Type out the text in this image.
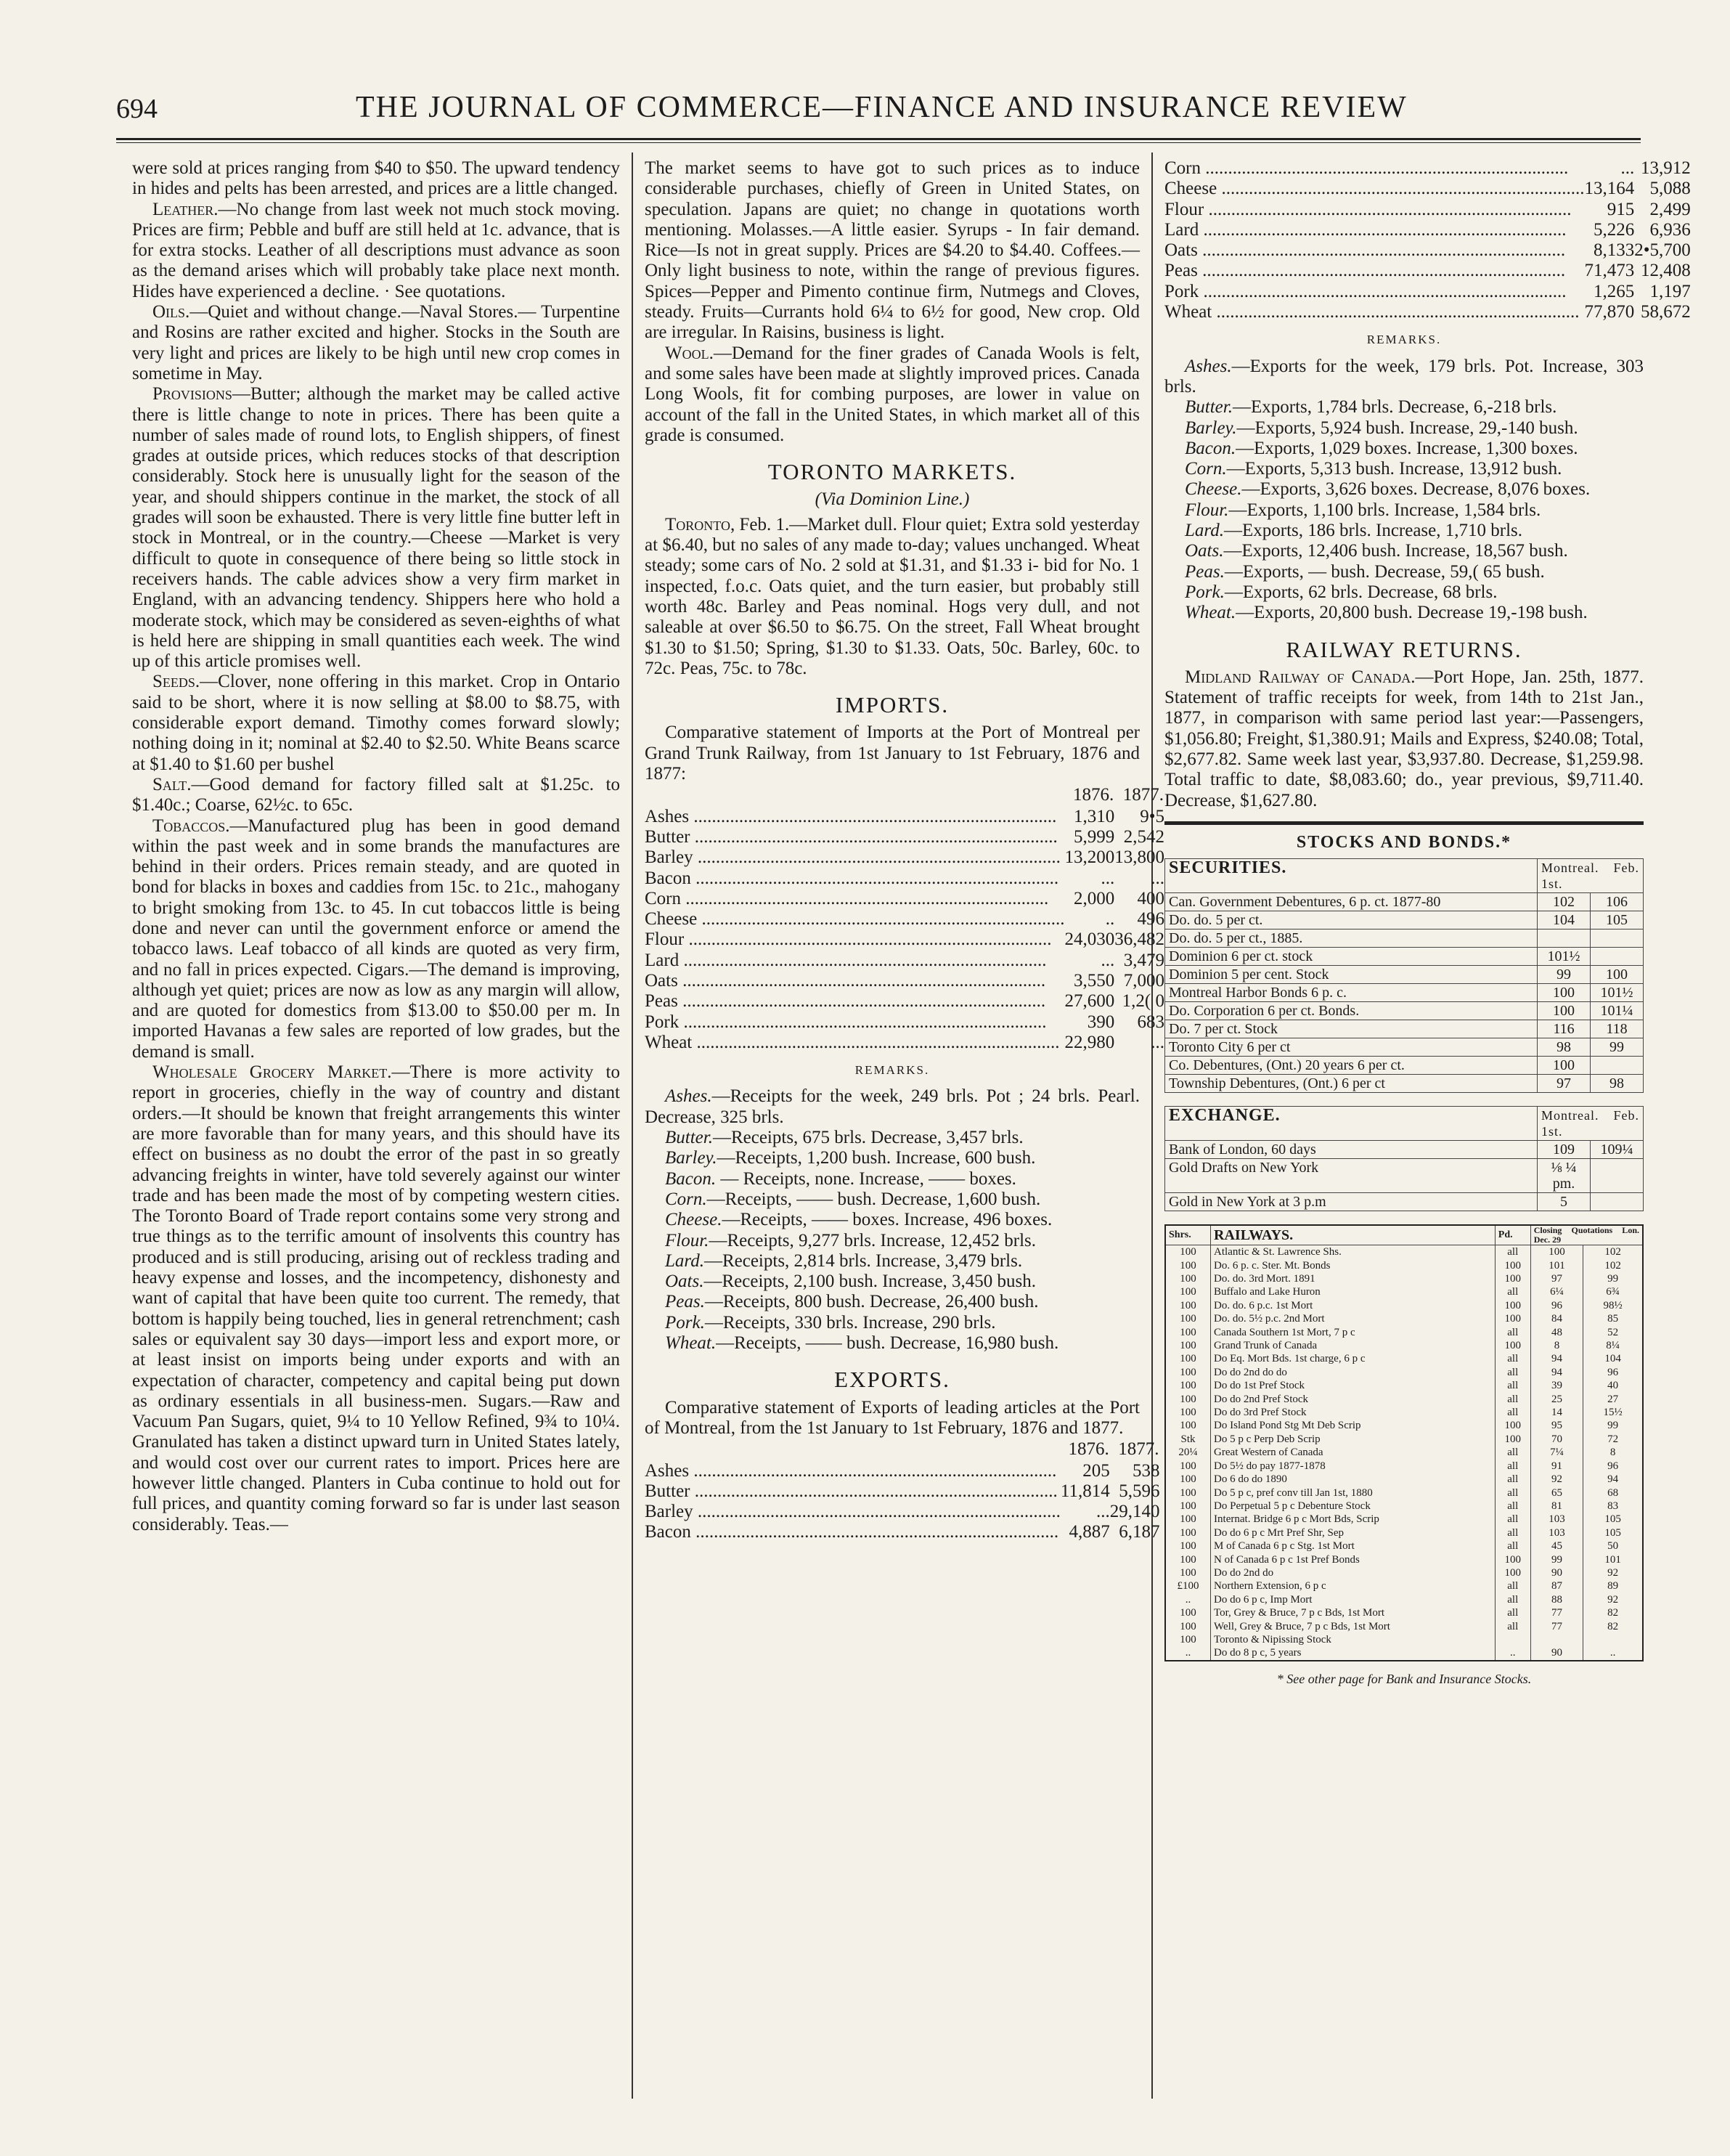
694	THE JOURNAL OF COMMERCE—FINANCE AND INSURANCE REVIEW

were sold at prices ranging from $40 to $50. The upward tendency in hides and pelts has been arrested, and prices are a little changed.

Leather.—No change from last week not much stock moving. Prices are firm; Pebble and buff are still held at 1c. advance, that is for extra stocks. Leather of all descriptions must advance as soon as the demand arises which will probably take place next month. Hides have experienced a decline. · See quotations.

Oils.—Quiet and without change.—Naval Stores.— Turpentine and Rosins are rather excited and higher. Stocks in the South are very light and prices are likely to be high until new crop comes in sometime in May.

Provisions—Butter; although the market may be called active there is little change to note in prices. There has been quite a number of sales made of round lots, to English shippers, of finest grades at outside prices, which reduces stocks of that description considerably. Stock here is unusually light for the season of the year, and should shippers continue in the market, the stock of all grades will soon be exhausted. There is very little fine butter left in stock in Montreal, or in the country.—Cheese —Market is very difficult to quote in consequence of there being so little stock in receivers hands. The cable advices show a very firm market in England, with an advancing tendency. Shippers here who hold a moderate stock, which may be considered as seven-eighths of what is held here are shipping in small quantities each week. The wind up of this article promises well.

Seeds.—Clover, none offering in this market. Crop in Ontario said to be short, where it is now selling at $8.00 to $8.75, with considerable export demand. Timothy comes forward slowly; nothing doing in it; nominal at $2.40 to $2.50. White Beans scarce at $1.40 to $1.60 per bushel

Salt.—Good demand for factory filled salt at $1.25c. to $1.40c.; Coarse, 62½c. to 65c.

Tobaccos.—Manufactured plug has been in good demand within the past week and in some brands the manufactures are behind in their orders. Prices remain steady, and are quoted in bond for blacks in boxes and caddies from 15c. to 21c., mahogany to bright smoking from 13c. to 45. In cut tobaccos little is being done and never can until the government enforce or amend the tobacco laws. Leaf tobacco of all kinds are quoted as very firm, and no fall in prices expected. Cigars.—The demand is improving, although yet quiet; prices are now as low as any margin will allow, and are quoted for domestics from $13.00 to $50.00 per m. In imported Havanas a few sales are reported of low grades, but the demand is small.

Wholesale Grocery Market.—There is more activity to report in groceries, chiefly in the way of country and distant orders.—It should be known that freight arrangements this winter are more favorable than for many years, and this should have its effect on business as no doubt the error of the past in so greatly advancing freights in winter, have told severely against our winter trade and has been made the most of by competing western cities. The Toronto Board of Trade report contains some very strong and true things as to the terrific amount of insolvents this country has produced and is still producing, arising out of reckless trading and heavy expense and losses, and the incompetency, dishonesty and want of capital that have been quite too current. The remedy, that bottom is happily being touched, lies in general retrenchment; cash sales or equivalent say 30 days—import less and export more, or at least insist on imports being under exports and with an expectation of character, competency and capital being put down as ordinary essentials in all business-men. Sugars.—Raw and Vacuum Pan Sugars, quiet, 9¼ to 10 Yellow Refined, 9¾ to 10¼. Granulated has taken a distinct upward turn in United States lately, and would cost over our current rates to import. Prices here are however little changed. Planters in Cuba continue to hold out for full prices, and quantity coming forward so far is under last season considerably. Teas.—

The market seems to have got to such prices as to induce considerable purchases, chiefly of Green in United States, on speculation. Japans are quiet; no change in quotations worth mentioning. Molasses.—A little easier. Syrups - In fair demand. Rice—Is not in great supply. Prices are $4.20 to $4.40. Coffees.— Only light business to note, within the range of previous figures. Spices—Pepper and Pimento continue firm, Nutmegs and Cloves, steady. Fruits—Currants hold 6¼ to 6½ for good, New crop. Old are irregular. In Raisins, business is light.

Wool.—Demand for the finer grades of Canada Wools is felt, and some sales have been made at slightly improved prices. Canada Long Wools, fit for combing purposes, are lower in value on account of the fall in the United States, in which market all of this grade is consumed.

TORONTO MARKETS.
(Via Dominion Line.)

Toronto, Feb. 1.—Market dull. Flour quiet; Extra sold yesterday at $6.40, but no sales of any made to-day; values unchanged. Wheat steady; some cars of No. 2 sold at $1.31, and $1.33 i- bid for No. 1 inspected, f.o.c. Oats quiet, and the turn easier, but probably still worth 48c. Barley and Peas nominal. Hogs very dull, and not saleable at over $6.50 to $6.75. On the street, Fall Wheat brought $1.30 to $1.50; Spring, $1.30 to $1.33. Oats, 50c. Barley, 60c. to 72c. Peas, 75c. to 78c.

IMPORTS.

Comparative statement of Imports at the Port of Montreal per Grand Trunk Railway, from 1st January to 1st February, 1876 and 1877:

	1876.	1877.
Ashes .....	1,310	9•5
Butter .....	5,999	2,542
Barley .....	13,200	13,800
Bacon .....	...	...
Corn .....	2,000	400
Cheese .....	..	496
Flour .....	24,030	36,482
Lard .....	...	3,479
Oats .....	3,550	7,000
Peas .....	27,600	1,2( 0
Pork .....	390	683
Wheat .....	22,980	...
REMARKS.

Ashes.—Receipts for the week, 249 brls. Pot ; 24 brls. Pearl. Decrease, 325 brls.

Butter.—Receipts, 675 brls. Decrease, 3,457 brls.

Barley.—Receipts, 1,200 bush. Increase, 600 bush.

Bacon. — Receipts, none. Increase, —— boxes.

Corn.—Receipts, —— bush. Decrease, 1,600 bush.

Cheese.—Receipts, —— boxes. Increase, 496 boxes.

Flour.—Receipts, 9,277 brls. Increase, 12,452 brls.

Lard.—Receipts, 2,814 brls. Increase, 3,479 brls.

Oats.—Receipts, 2,100 bush. Increase, 3,450 bush.

Peas.—Receipts, 800 bush. Decrease, 26,400 bush.

Pork.—Receipts, 330 brls. Increase, 290 brls.

Wheat.—Receipts, —— bush. Decrease, 16,980 bush.

EXPORTS.

Comparative statement of Exports of leading articles at the Port of Montreal, from the 1st January to 1st February, 1876 and 1877.

	1876.	1877.
Ashes .....	205	538
Butter .....	11,814	5,596
Barley .....	...	29,140
Bacon .....	4,887	6,187
Corn .....	...	13,912
Cheese .....	13,164	5,088
Flour .....	915	2,499
Lard .....	5,226	6,936
Oats .....	8,133	2•5,700
Peas .....	71,473	12,408
Pork .....	1,265	1,197
Wheat .....	77,870	58,672
REMARKS.

Ashes.—Exports for the week, 179 brls. Pot. Increase, 303 brls.

Butter.—Exports, 1,784 brls. Decrease, 6,-218 brls.

Barley.—Exports, 5,924 bush. Increase, 29,-140 bush.

Bacon.—Exports, 1,029 boxes. Increase, 1,300 boxes.

Corn.—Exports, 5,313 bush. Increase, 13,912 bush.

Cheese.—Exports, 3,626 boxes. Decrease, 8,076 boxes.

Flour.—Exports, 1,100 brls. Increase, 1,584 brls.

Lard.—Exports, 186 brls. Increase, 1,710 brls.

Oats.—Exports, 12,406 bush. Increase, 18,567 bush.

Peas.—Exports, — bush. Decrease, 59,( 65 bush.

Pork.—Exports, 62 brls. Decrease, 68 brls.

Wheat.—Exports, 20,800 bush. Decrease 19,-198 bush.

RAILWAY RETURNS.

Midland Railway of Canada.—Port Hope, Jan. 25th, 1877. Statement of traffic receipts for week, from 14th to 21st Jan., 1877, in comparison with same period last year:—Passengers, $1,056.80; Freight, $1,380.91; Mails and Express, $240.08; Total, $2,677.82. Same week last year, $3,937.80. Decrease, $1,259.98. Total traffic to date, $8,083.60; do., year previous, $9,711.40. Decrease, $1,627.80.

STOCKS AND BONDS.*
SECURITIES.	Montreal. Feb. 1st.	
Can. Government Debentures, 6 p. ct. 1877-80	102	106
Do. do. 5 per ct.	104	105
Do. do. 5 per ct., 1885.		
Dominion 6 per ct. stock	101½	
Dominion 5 per cent. Stock	99	100
Montreal Harbor Bonds 6 p. c.	100	101½
Do. Corporation 6 per ct. Bonds.	100	101¼
Do. 7 per ct. Stock	116	118
Toronto City 6 per ct	98	99
Co. Debentures, (Ont.) 20 years 6 per ct.	100	
Township Debentures, (Ont.) 6 per ct	97	98
EXCHANGE.	Montreal. Feb. 1st.	
Bank of London, 60 days	109	109¼
Gold Drafts on New York	⅛ ¼ pm.	
Gold in New York at 3 p.m	5	
Shrs.	RAILWAYS.	Pd.	Closing Quotations Lon. Dec. 29	
100	Atlantic & St. Lawrence Shs.	all	100	102
100	Do. 6 p. c. Ster. Mt. Bonds	100	101	102
100	Do. do. 3rd Mort. 1891	100	97	99
100	Buffalo and Lake Huron	all	6¼	6¾
100	Do. do. 6 p.c. 1st Mort	100	96	98½
100	Do. do. 5½ p.c. 2nd Mort	100	84	85
100	Canada Southern 1st Mort, 7 p c	all	48	52
100	Grand Trunk of Canada	100	8	8¼
100	Do Eq. Mort Bds. 1st charge, 6 p c	all	94	104
100	Do do 2nd do do	all	94	96
100	Do do 1st Pref Stock	all	39	40
100	Do do 2nd Pref Stock	all	25	27
100	Do do 3rd Pref Stock	all	14	15½
100	Do Island Pond Stg Mt Deb Scrip	100	95	99
Stk	Do 5 p c Perp Deb Scrip	100	70	72
20¼	Great Western of Canada	all	7¼	8
100	Do 5½ do pay 1877-1878	all	91	96
100	Do 6 do do 1890	all	92	94
100	Do 5 p c, pref conv till Jan 1st, 1880	all	65	68
100	Do Perpetual 5 p c Debenture Stock	all	81	83
100	Internat. Bridge 6 p c Mort Bds, Scrip	all	103	105
100	Do do 6 p c Mrt Pref Shr, Sep	all	103	105
100	M of Canada 6 p c Stg. 1st Mort	all	45	50
100	N of Canada 6 p c 1st Pref Bonds	100	99	101
100	Do do 2nd do	100	90	92
£100	Northern Extension, 6 p c	all	87	89
..	Do do 6 p c, Imp Mort	all	88	92
100	Tor, Grey & Bruce, 7 p c Bds, 1st Mort	all	77	82
100	Well, Grey & Bruce, 7 p c Bds, 1st Mort	all	77	82
100	Toronto & Nipissing Stock			
..	Do do 8 p c, 5 years	..	90	..
* See other page for Bank and Insurance Stocks.
